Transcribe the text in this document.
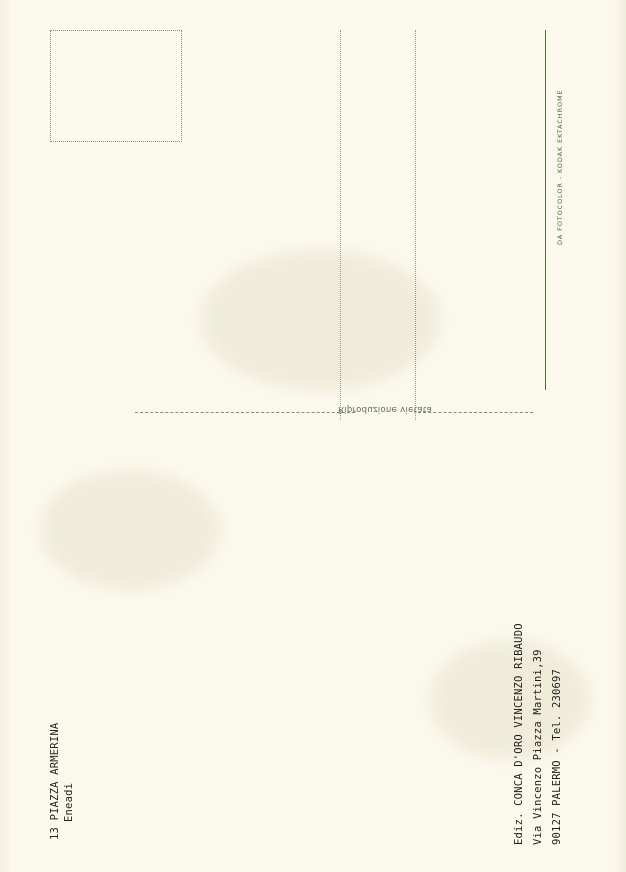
Riproduzione vietata
DA FOTOCOLOR - KODAK EKTACHROME
13 PIAZZA ARMERINA Eneadi	Ediz. CONCA D'ORO VINCENZO RIBAUDO Via Vincenzo Piazza Martini,39 90127 PALERMO - Tel. 230697
